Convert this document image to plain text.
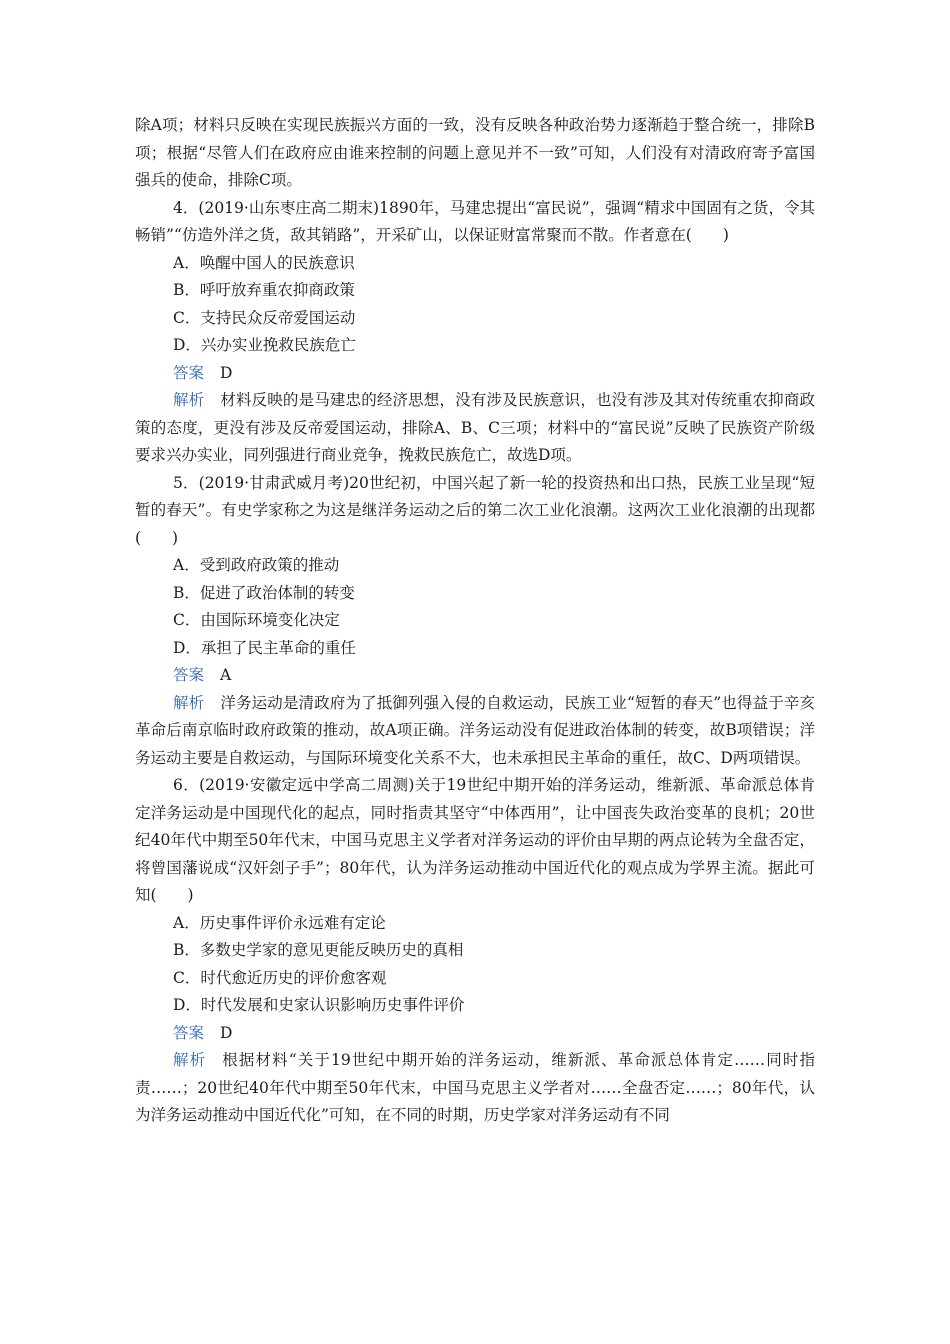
除A项；材料只反映在实现民族振兴方面的一致，没有反映各种政治势力逐渐趋于整合统一，排除B项；根据“尽管人们在政府应由谁来控制的问题上意见并不一致”可知，人们没有对清政府寄予富国强兵的使命，排除C项。

4．(2019·山东枣庄高二期末)1890年，马建忠提出“富民说”，强调“精求中国固有之货，令其畅销”“仿造外洋之货，敌其销路”，开采矿山，以保证财富常聚而不散。作者意在(　　)

A．唤醒中国人的民族意识

B．呼吁放弃重农抑商政策

C．支持民众反帝爱国运动

D．兴办实业挽救民族危亡

答案 D

解析 材料反映的是马建忠的经济思想，没有涉及民族意识，也没有涉及其对传统重农抑商政策的态度，更没有涉及反帝爱国运动，排除A、B、C三项；材料中的“富民说”反映了民族资产阶级要求兴办实业，同列强进行商业竞争，挽救民族危亡，故选D项。

5．(2019·甘肃武威月考)20世纪初，中国兴起了新一轮的投资热和出口热，民族工业呈现“短暂的春天”。有史学家称之为这是继洋务运动之后的第二次工业化浪潮。这两次工业化浪潮的出现都(　　)

A．受到政府政策的推动

B．促进了政治体制的转变

C．由国际环境变化决定

D．承担了民主革命的重任

答案 A

解析 洋务运动是清政府为了抵御列强入侵的自救运动，民族工业“短暂的春天”也得益于辛亥革命后南京临时政府政策的推动，故A项正确。洋务运动没有促进政治体制的转变，故B项错误；洋务运动主要是自救运动，与国际环境变化关系不大，也未承担民主革命的重任，故C、D两项错误。

6．(2019·安徽定远中学高二周测)关于19世纪中期开始的洋务运动，维新派、革命派总体肯定洋务运动是中国现代化的起点，同时指责其坚守“中体西用”，让中国丧失政治变革的良机；20世纪40年代中期至50年代末，中国马克思主义学者对洋务运动的评价由早期的两点论转为全盘否定，将曾国藩说成“汉奸刽子手”；80年代，认为洋务运动推动中国近代化的观点成为学界主流。据此可知(　　)

A．历史事件评价永远难有定论

B．多数史学家的意见更能反映历史的真相

C．时代愈近历史的评价愈客观

D．时代发展和史家认识影响历史事件评价

答案 D

解析 根据材料“关于19世纪中期开始的洋务运动，维新派、革命派总体肯定……同时指责……；20世纪40年代中期至50年代末，中国马克思主义学者对……全盘否定……；80年代，认为洋务运动推动中国近代化”可知，在不同的时期，历史学家对洋务运动有不同
